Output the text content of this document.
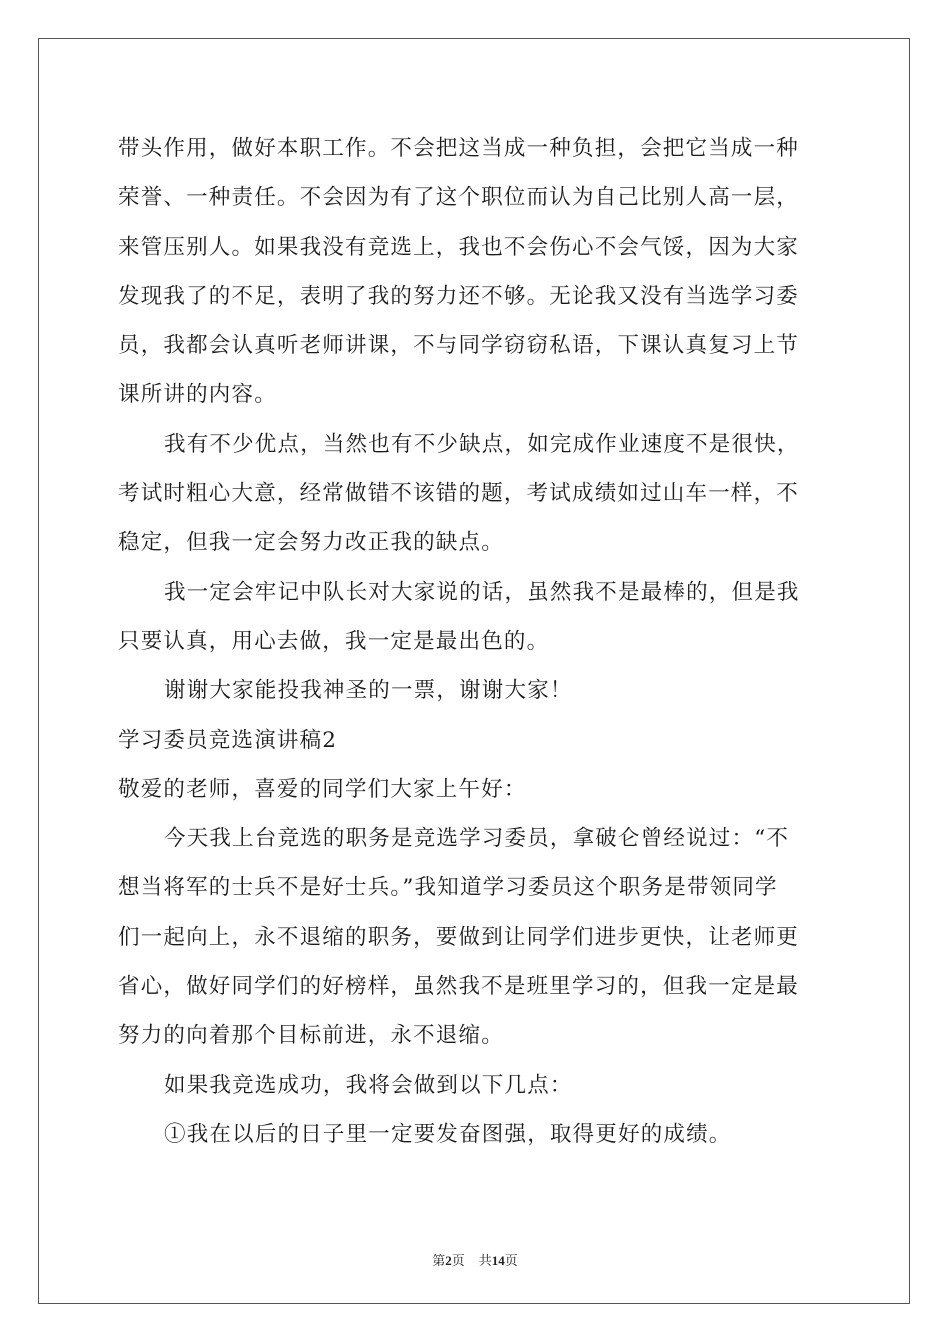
带头作用，做好本职工作。不会把这当成一种负担，会把它当成一种
荣誉、一种责任。不会因为有了这个职位而认为自己比别人高一层，
来管压别人。如果我没有竞选上，我也不会伤心不会气馁，因为大家
发现我了的不足，表明了我的努力还不够。无论我又没有当选学习委
员，我都会认真听老师讲课，不与同学窃窃私语，下课认真复习上节
课所讲的内容。
我有不少优点，当然也有不少缺点，如完成作业速度不是很快，
考试时粗心大意，经常做错不该错的题，考试成绩如过山车一样，不
稳定，但我一定会努力改正我的缺点。
我一定会牢记中队长对大家说的话，虽然我不是最棒的，但是我
只要认真，用心去做，我一定是最出色的。
谢谢大家能投我神圣的一票，谢谢大家！
学习委员竞选演讲稿2
敬爱的老师，喜爱的同学们大家上午好：
今天我上台竞选的职务是竞选学习委员，拿破仑曾经说过：“不
想当将军的士兵不是好士兵。”我知道学习委员这个职务是带领同学
们一起向上，永不退缩的职务，要做到让同学们进步更快，让老师更
省心，做好同学们的好榜样，虽然我不是班里学习的，但我一定是最
努力的向着那个目标前进，永不退缩。
如果我竞选成功，我将会做到以下几点：
①我在以后的日子里一定要发奋图强，取得更好的成绩。
第2页 共14页
